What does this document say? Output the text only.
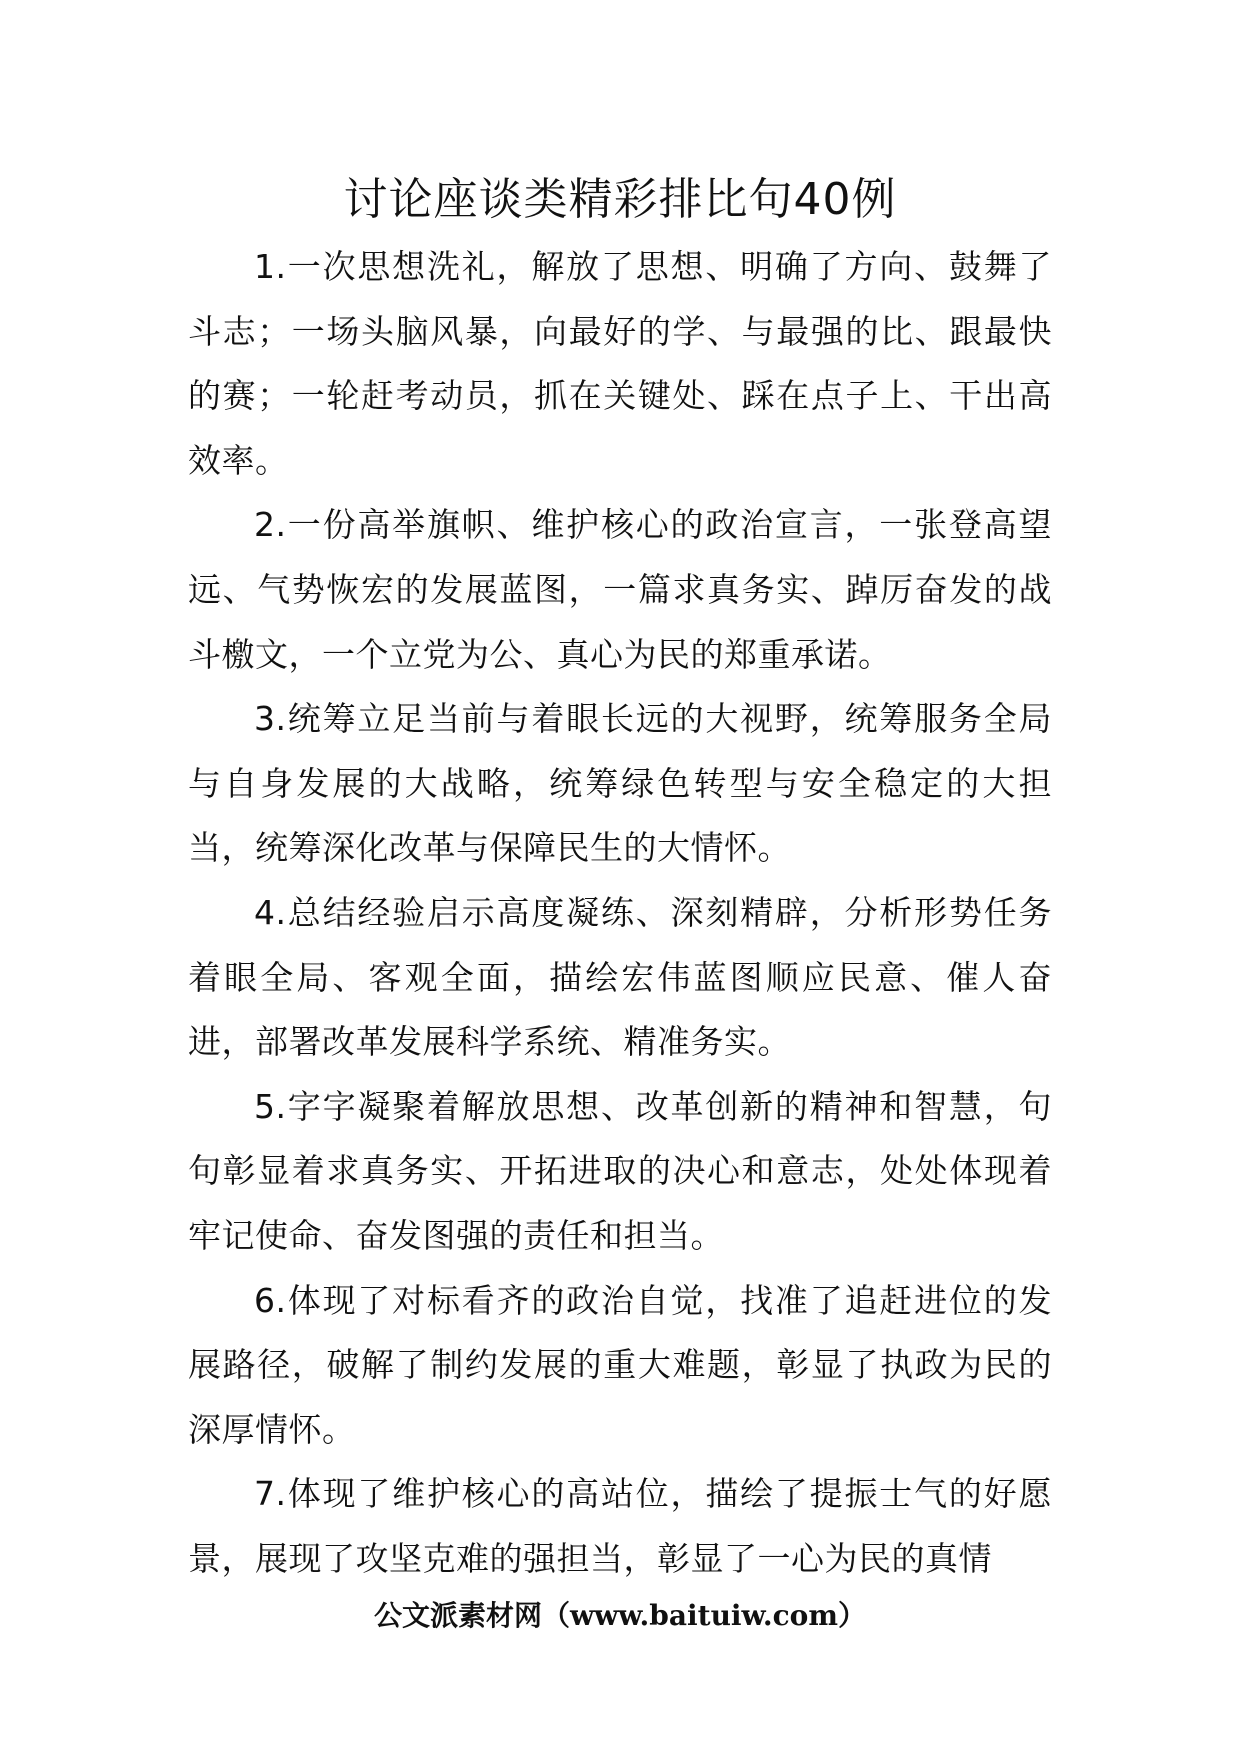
讨论座谈类精彩排比句40例

1.一次思想洗礼，解放了思想、明确了方向、鼓舞了斗志；一场头脑风暴，向最好的学、与最强的比、跟最快的赛；一轮赶考动员，抓在关键处、踩在点子上、干出高效率。

2.一份高举旗帜、维护核心的政治宣言，一张登高望远、气势恢宏的发展蓝图，一篇求真务实、踔厉奋发的战斗檄文，一个立党为公、真心为民的郑重承诺。

3.统筹立足当前与着眼长远的大视野，统筹服务全局与自身发展的大战略，统筹绿色转型与安全稳定的大担当，统筹深化改革与保障民生的大情怀。

4.总结经验启示高度凝练、深刻精辟，分析形势任务着眼全局、客观全面，描绘宏伟蓝图顺应民意、催人奋进，部署改革发展科学系统、精准务实。

5.字字凝聚着解放思想、改革创新的精神和智慧，句句彰显着求真务实、开拓进取的决心和意志，处处体现着牢记使命、奋发图强的责任和担当。

6.体现了对标看齐的政治自觉，找准了追赶进位的发展路径，破解了制约发展的重大难题，彰显了执政为民的深厚情怀。

7.体现了维护核心的高站位，描绘了提振士气的好愿景，展现了攻坚克难的强担当，彰显了一心为民的真情

公文派素材网（www.baituiw.com）
